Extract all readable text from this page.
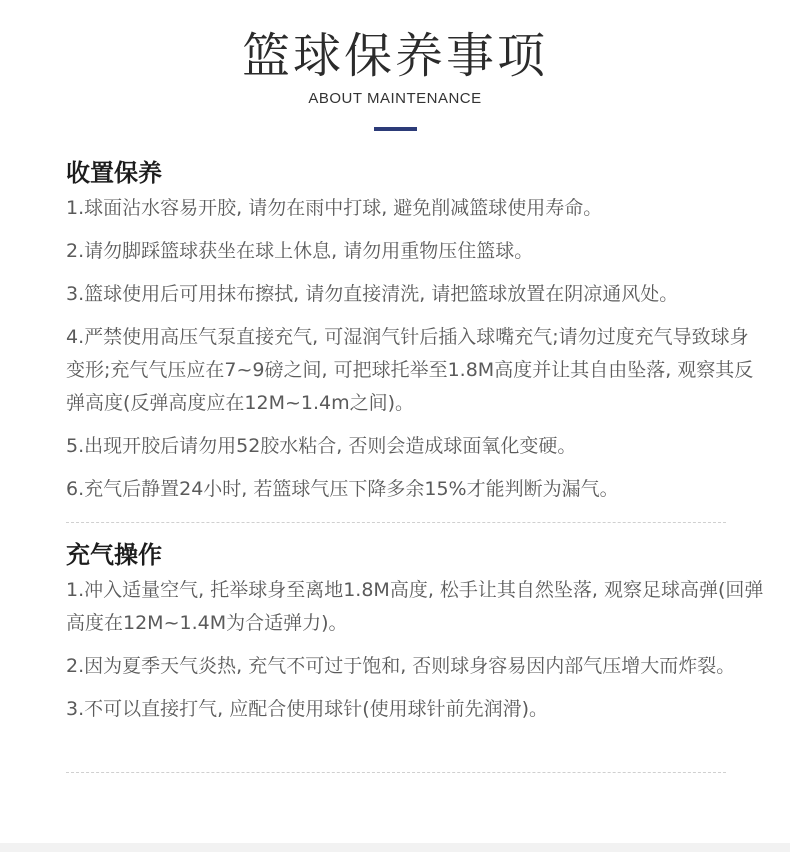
篮球保养事项
ABOUT MAINTENANCE
收置保养
1.球面沾水容易开胶, 请勿在雨中打球, 避免削减篮球使用寿命。
2.请勿脚踩篮球获坐在球上休息, 请勿用重物压住篮球。
3.篮球使用后可用抹布擦拭, 请勿直接清洗, 请把篮球放置在阴凉通风处。
4.严禁使用高压气泵直接充气, 可湿润气针后插入球嘴充气;请勿过度充气导致球身变形;充气气压应在7~9磅之间, 可把球托举至1.8M高度并让其自由坠落, 观察其反弹高度(反弹高度应在12M~1.4m之间)。
5.出现开胶后请勿用52胶水粘合, 否则会造成球面氧化变硬。
6.充气后静置24小时, 若篮球气压下降多余15%才能判断为漏气。
充气操作
1.冲入适量空气, 托举球身至离地1.8M高度, 松手让其自然坠落, 观察足球高弹(回弹高度在12M~1.4M为合适弹力)。
2.因为夏季天气炎热, 充气不可过于饱和, 否则球身容易因内部气压增大而炸裂。
3.不可以直接打气, 应配合使用球针(使用球针前先润滑)。
